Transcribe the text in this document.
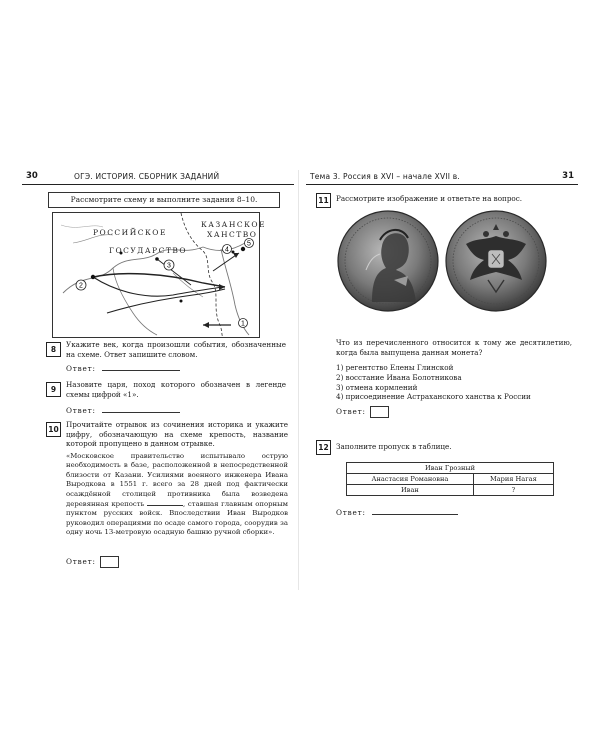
30	ОГЭ. ИСТОРИЯ. СБОРНИК ЗАДАНИЙ
Рассмотрите схему и выполните задания 8–10.
2
3
4
5
1
РОССИЙСКОЕ
ГОСУДАРСТВО
КАЗАНСКОЕ
ХАНСТВО
8
Укажите век, когда произошли события, обозначенные на схеме. Ответ запишите словом.
Ответ:
9
Назовите царя, поход которого обозначен в легенде схемы цифрой «1».
Ответ:
10
Прочитайте отрывок из сочинения историка и укажите цифру, обозначающую на схеме крепость, название которой пропущено в данном отрывке.
«Московское правительство испытывало острую необходимость в базе, расположенной в непосредственной близости от Казани. Усилиями военного инженера Ивана Выродкова в 1551 г. всего за 28 дней под фактически осаждённой столицей противника была возведена деревянная крепость	, ставшая главным опорным пунктом русских войск. Впоследствии Иван Выродков руководил операциями по осаде самого города, соорудив за одну ночь 13-метровую осадную башню ручной сборки».
Ответ:
Тема 3. Россия в XVI – начале XVII в.	31
11	Рассмотрите изображение и ответьте на вопрос.
Что из перечисленного относится к тому же десятилетию, когда была выпущена данная монета?
1) регентство Елены Глинской
2) восстание Ивана Болотникова
3) отмена кормлений
4) присоединение Астраханского ханства к России
Ответ:
12	Заполните пропуск в таблице.
Иван Грозный	
Анастасия Романовна	Мария Нагая
Иван	?
Ответ:
